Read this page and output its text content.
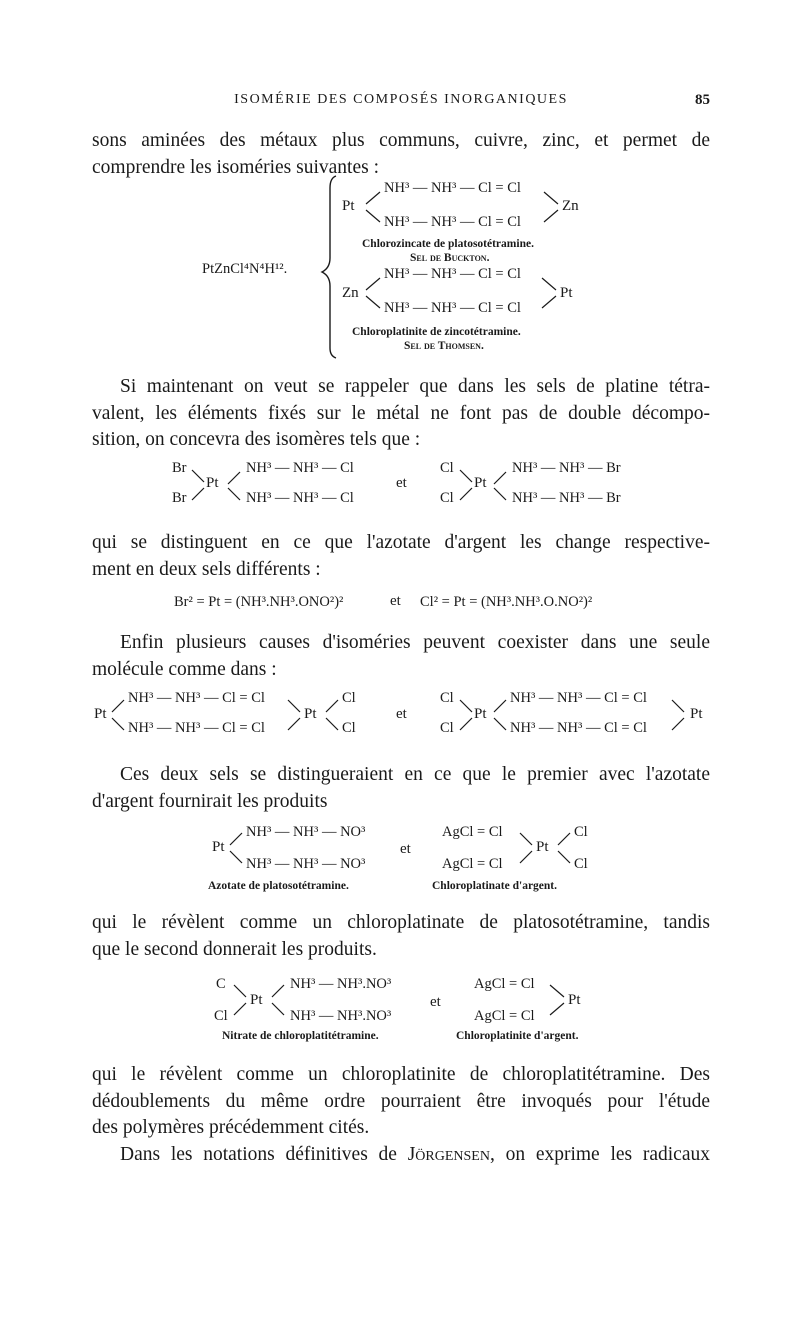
ISOMÉRIE DES COMPOSÉS INORGANIQUES	85
sons aminées des métaux plus communs, cuivre, zinc, et permet de
comprendre les isoméries suivantes :
PtZnCl⁴N⁴H¹².
Pt
NH³ — NH³ — Cl = Cl
NH³ — NH³ — Cl = Cl
Zn
Chlorozincate de platosotétramine.
Sel de Buckton.
Zn
NH³ — NH³ — Cl = Cl
NH³ — NH³ — Cl = Cl
Pt
Chloroplatinite de zincotétramine.
Sel de Thomsen.
Si maintenant on veut se rappeler que dans les sels de platine tétra-
valent, les éléments fixés sur le métal ne font pas de double décompo-
sition, on concevra des isomères tels que :
Br
Br
Pt
NH³ — NH³ — Cl
NH³ — NH³ — Cl
et
Cl
Cl
Pt
NH³ — NH³ — Br
NH³ — NH³ — Br
qui se distinguent en ce que l'azotate d'argent les change respective-
ment en deux sels différents :
Br² = Pt = (NH³.NH³.ONO²)²	et Cl² = Pt = (NH³.NH³.O.NO²)²
Enfin plusieurs causes d'isoméries peuvent coexister dans une seule
molécule comme dans :
Pt
NH³ — NH³ — Cl = Cl
NH³ — NH³ — Cl = Cl
Pt
Cl
Cl
et
Cl
Cl
Pt
NH³ — NH³ — Cl = Cl
NH³ — NH³ — Cl = Cl
Pt
Ces deux sels se distingueraient en ce que le premier avec l'azotate
d'argent fournirait les produits
Pt
NH³ — NH³ — NO³
NH³ — NH³ — NO³
Azotate de platosotétramine.
et
AgCl = Cl
AgCl = Cl
Pt
Cl
Cl
Chloroplatinate d'argent.
qui le révèlent comme un chloroplatinate de platosotétramine, tandis
que le second donnerait les produits.
C
Cl
Pt
NH³ — NH³.NO³
NH³ — NH³.NO³
Nitrate de chloroplatitétramine.
et
AgCl = Cl
AgCl = Cl
Pt
Chloroplatinite d'argent.
qui le révèlent comme un chloroplatinite de chloroplatitétramine. Des
dédoublements du même ordre pourraient être invoqués pour l'étude
des polymères précédemment cités.
Dans les notations définitives de Jörgensen, on exprime les radicaux
